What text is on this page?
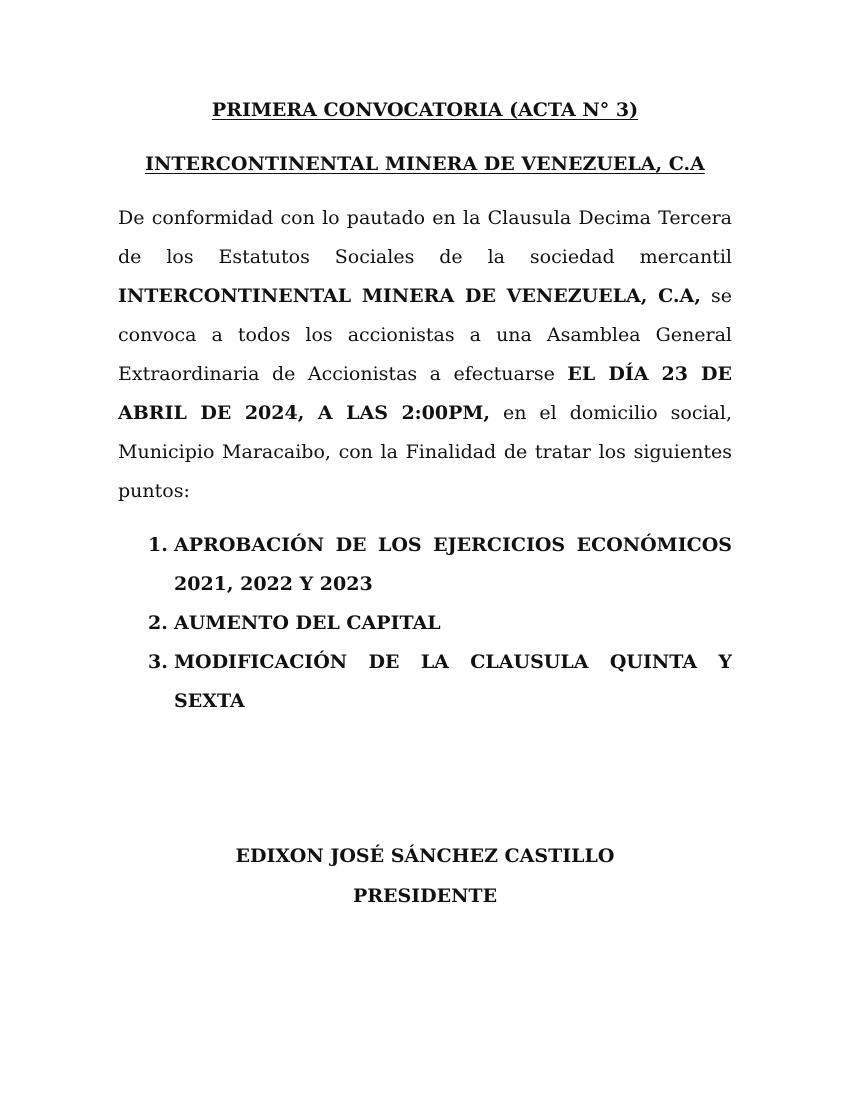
PRIMERA CONVOCATORIA (ACTA N° 3)
INTERCONTINENTAL MINERA DE VENEZUELA, C.A
De conformidad con lo pautado en la Clausula Decima Tercera de los Estatutos Sociales de la sociedad mercantil INTERCONTINENTAL MINERA DE VENEZUELA, C.A, se convoca a todos los accionistas a una Asamblea General Extraordinaria de Accionistas a efectuarse EL DÍA 23 DE ABRIL DE 2024, A LAS 2:00PM, en el domicilio social, Municipio Maracaibo, con la Finalidad de tratar los siguientes puntos:
1. APROBACIÓN DE LOS EJERCICIOS ECONÓMICOS 2021, 2022 Y 2023
2. AUMENTO DEL CAPITAL
3. MODIFICACIÓN DE LA CLAUSULA QUINTA Y SEXTA
EDIXON JOSÉ SÁNCHEZ CASTILLO
PRESIDENTE
